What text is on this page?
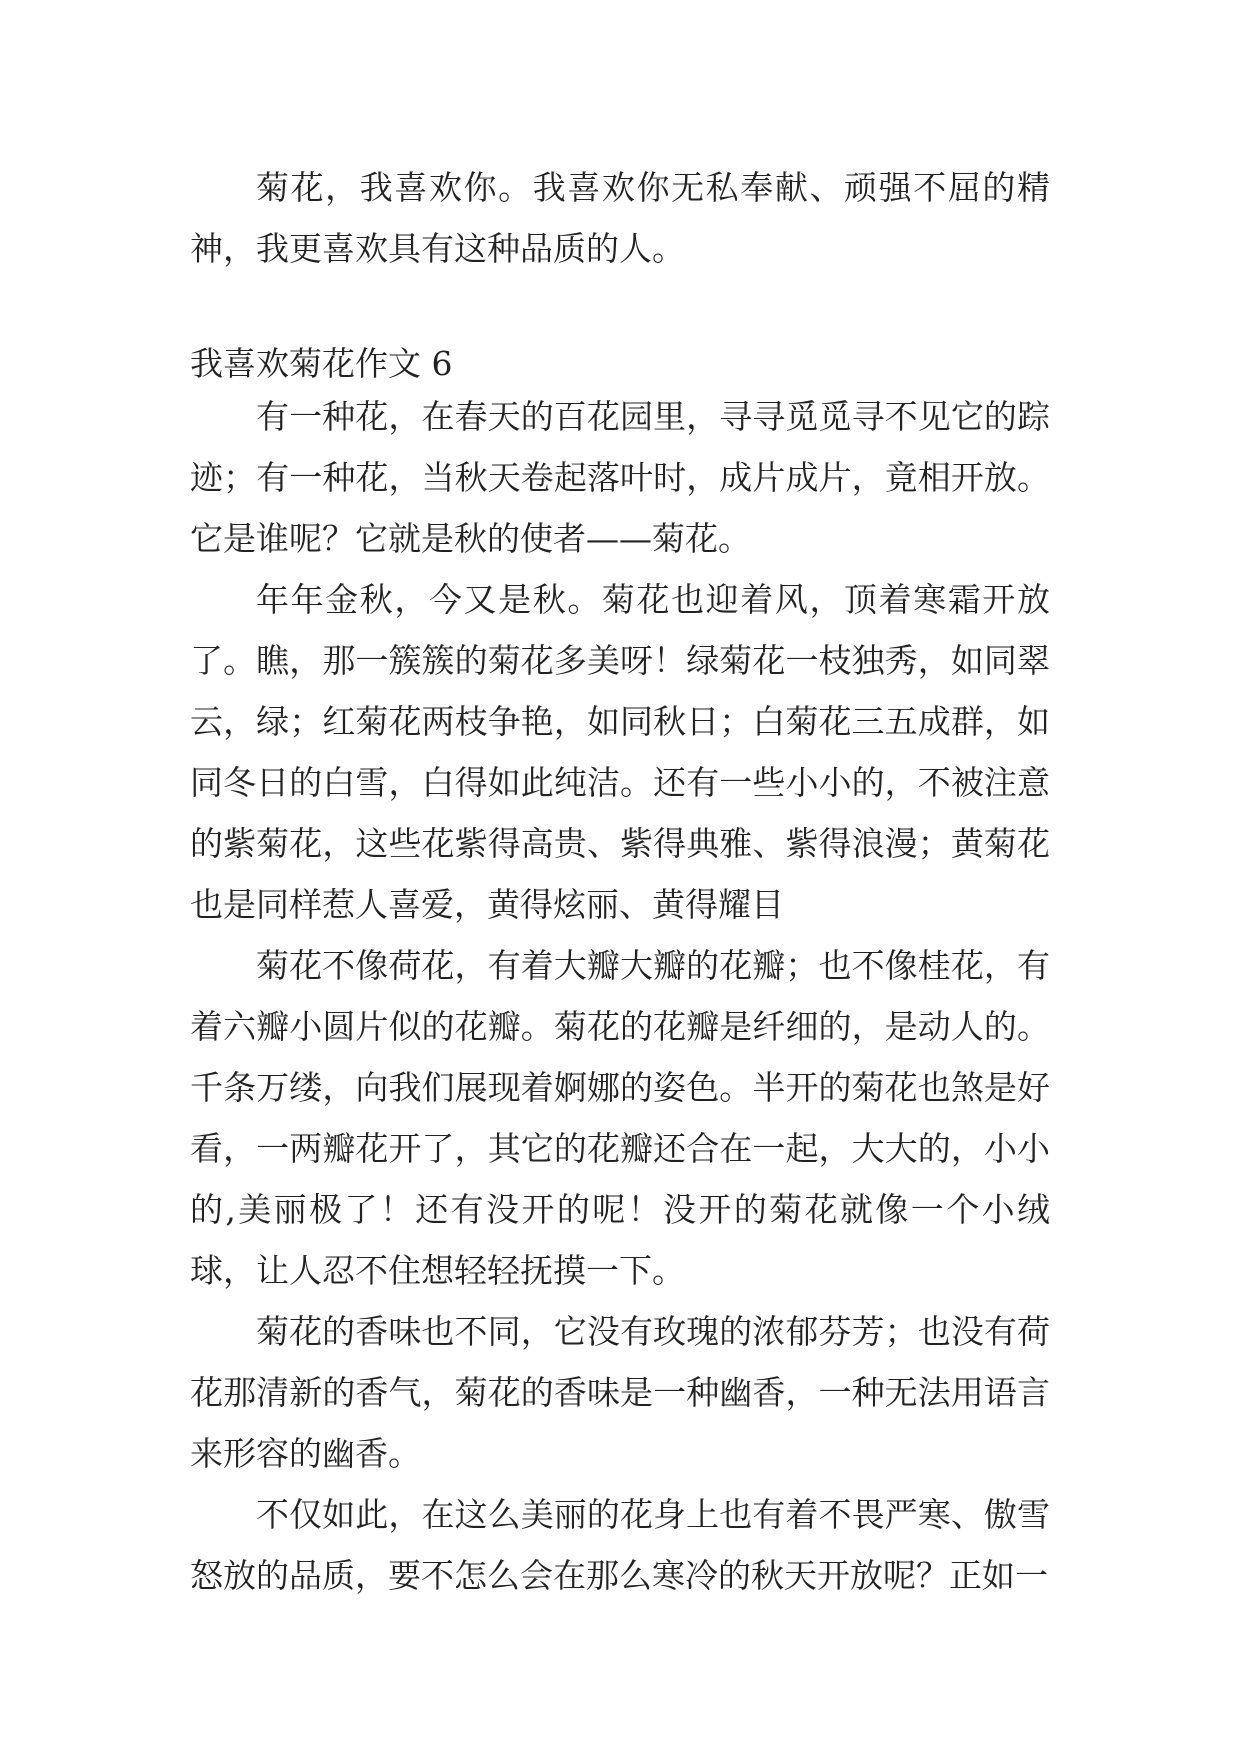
菊花，我喜欢你。我喜欢你无私奉献、顽强不屈的精神，我更喜欢具有这种品质的人。

我喜欢菊花作文 6

有一种花，在春天的百花园里，寻寻觅觅寻不见它的踪迹；有一种花，当秋天卷起落叶时，成片成片，竟相开放。它是谁呢？它就是秋的使者——菊花。

年年金秋，今又是秋。菊花也迎着风，顶着寒霜开放了。瞧，那一簇簇的菊花多美呀！绿菊花一枝独秀，如同翠云，绿；红菊花两枝争艳，如同秋日；白菊花三五成群，如同冬日的白雪，白得如此纯洁。还有一些小小的，不被注意的紫菊花，这些花紫得高贵、紫得典雅、紫得浪漫；黄菊花也是同样惹人喜爱，黄得炫丽、黄得耀目

菊花不像荷花，有着大瓣大瓣的花瓣；也不像桂花，有着六瓣小圆片似的花瓣。菊花的花瓣是纤细的，是动人的。千条万缕，向我们展现着婀娜的姿色。半开的菊花也煞是好看，一两瓣花开了，其它的花瓣还合在一起，大大的，小小的,美丽极了！还有没开的呢！没开的菊花就像一个小绒球，让人忍不住想轻轻抚摸一下。

菊花的香味也不同，它没有玫瑰的浓郁芬芳；也没有荷花那清新的香气，菊花的香味是一种幽香，一种无法用语言来形容的幽香。

不仅如此，在这么美丽的花身上也有着不畏严寒、傲雪怒放的品质，要不怎么会在那么寒冷的秋天开放呢？正如一
